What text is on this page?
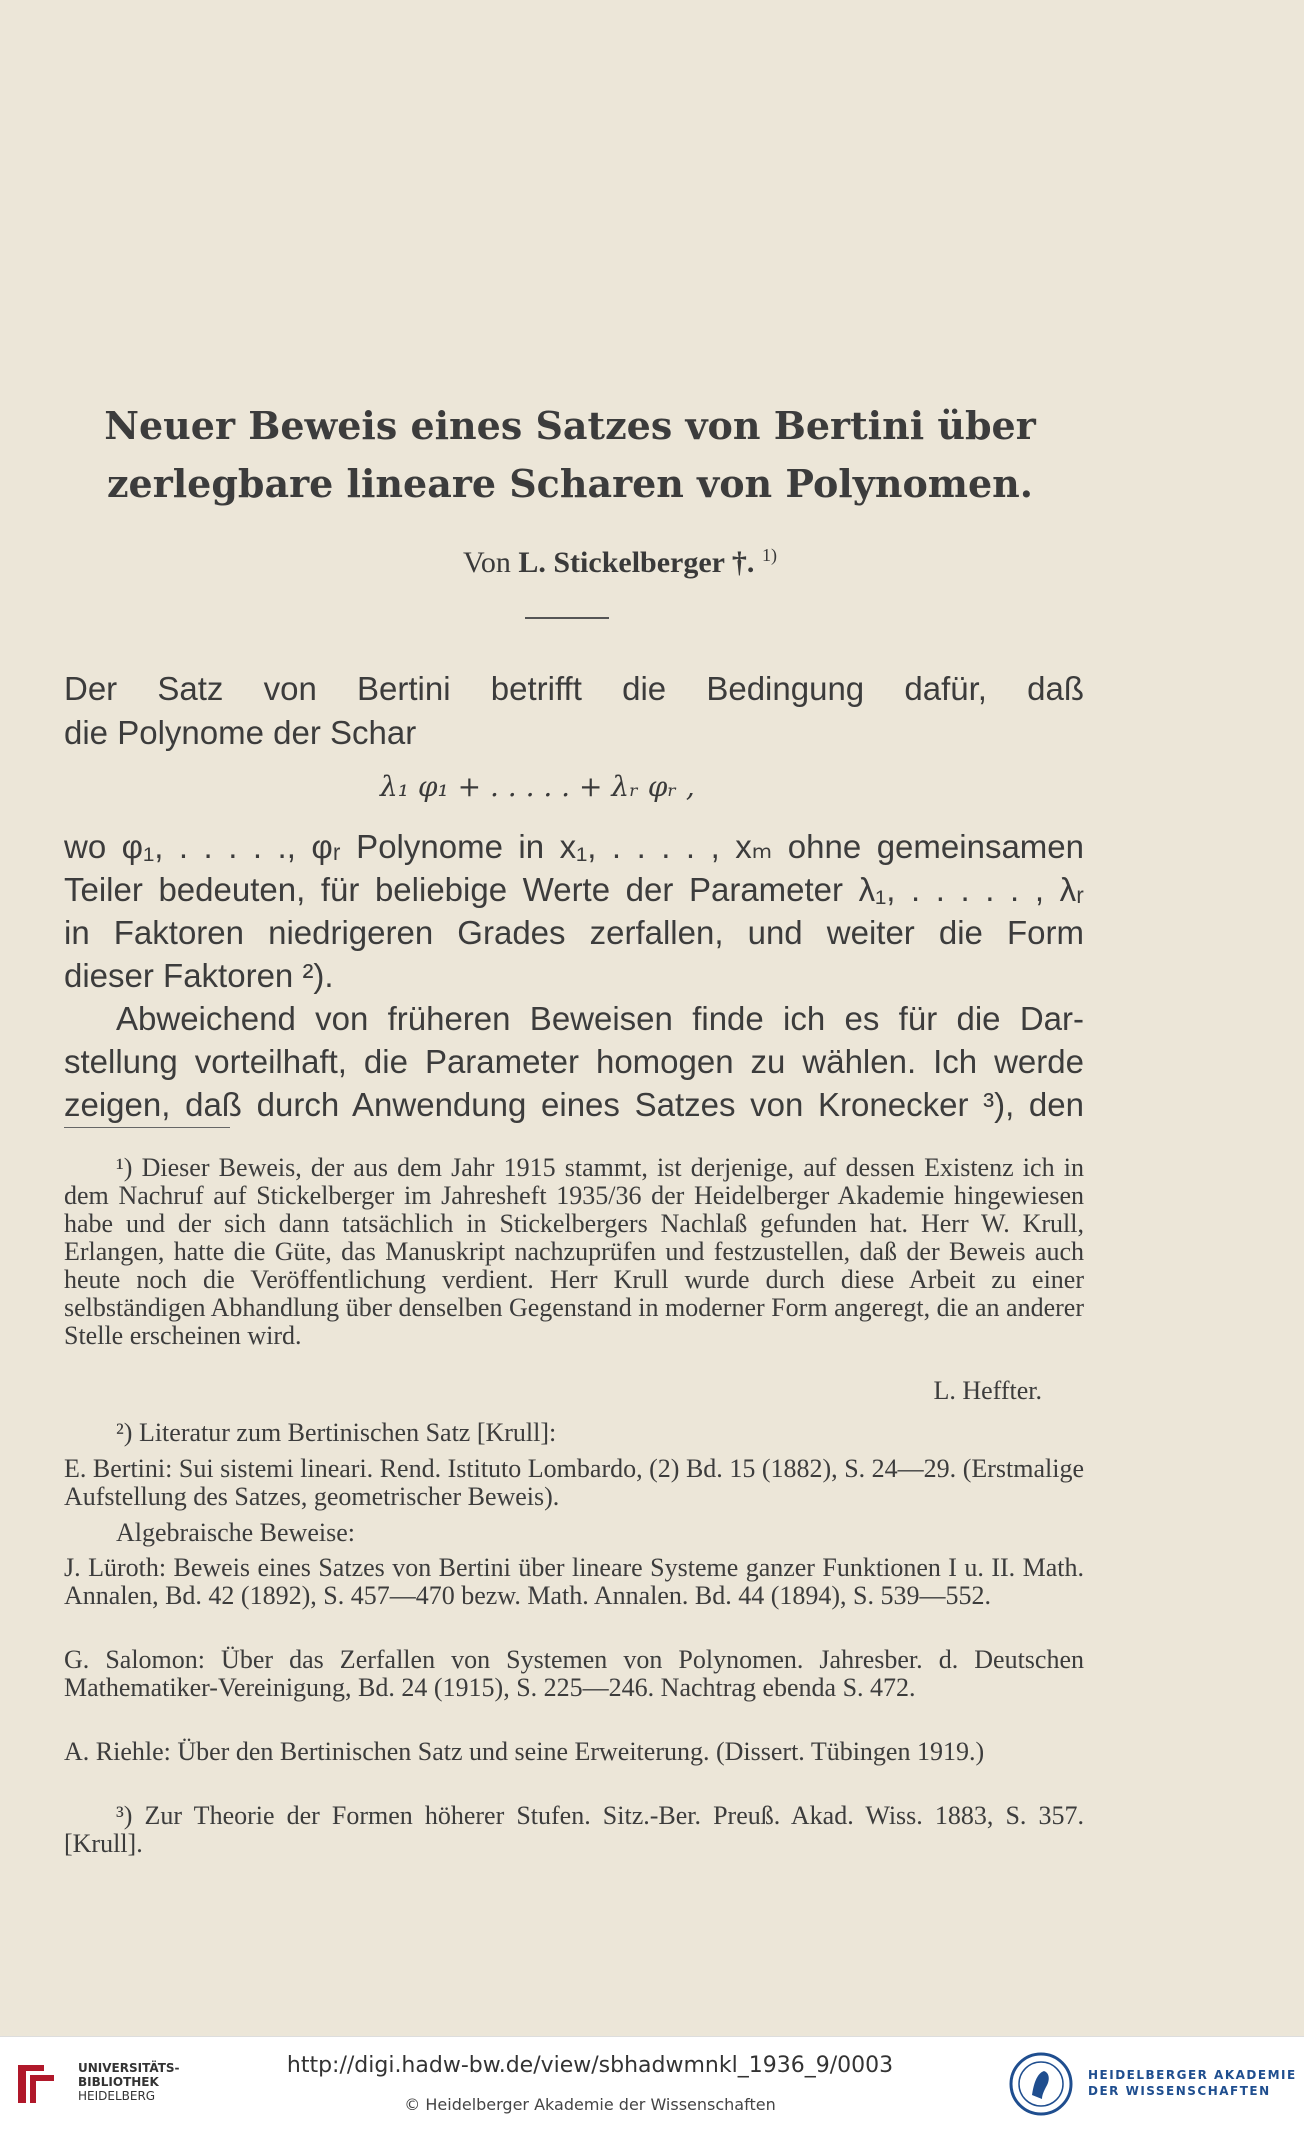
Neuer Beweis eines Satzes von Bertini über
zerlegbare lineare Scharen von Polynomen.
Von L. Stickelberger †. $^{1)}$
Der Satz von Bertini betrifft die Bedingung dafür, daß
die Polynome der Schar
λ₁ φ₁ + . . . . . + λᵣ φᵣ ,
wo φ₁, . . . . ., φᵣ Polynome in x₁, . . . . , xₘ ohne gemeinsamen
Teiler bedeuten, für beliebige Werte der Parameter λ₁, . . . . . , λᵣ
in Faktoren niedrigeren Grades zerfallen, und weiter die Form
dieser Faktoren ²).
Abweichend von früheren Beweisen finde ich es für die Dar-
stellung vorteilhaft, die Parameter homogen zu wählen. Ich werde
zeigen, daß durch Anwendung eines Satzes von Kronecker ³), den
¹) Dieser Beweis, der aus dem Jahr 1915 stammt, ist derjenige, auf dessen Existenz ich in dem Nachruf auf Stickelberger im Jahresheft 1935/36 der Heidelberger Akademie hingewiesen habe und der sich dann tatsächlich in Stickelbergers Nachlaß gefunden hat. Herr W. Krull, Erlangen, hatte die Güte, das Manuskript nachzuprüfen und festzustellen, daß der Beweis auch heute noch die Veröffentlichung verdient. Herr Krull wurde durch diese Arbeit zu einer selbständigen Abhandlung über denselben Gegenstand in moderner Form angeregt, die an anderer Stelle erscheinen wird.
L. Heffter.
²) Literatur zum Bertinischen Satz [Krull]:
E. Bertini: Sui sistemi lineari. Rend. Istituto Lombardo, (2) Bd. 15 (1882), S. 24—29. (Erstmalige Aufstellung des Satzes, geometrischer Beweis).
Algebraische Beweise:
J. Lüroth: Beweis eines Satzes von Bertini über lineare Systeme ganzer Funktionen I u. II. Math. Annalen, Bd. 42 (1892), S. 457—470 bezw. Math. Annalen. Bd. 44 (1894), S. 539—552.
G. Salomon: Über das Zerfallen von Systemen von Polynomen. Jahresber. d. Deutschen Mathematiker-Vereinigung, Bd. 24 (1915), S. 225—246. Nachtrag ebenda S. 472.
A. Riehle: Über den Bertinischen Satz und seine Erweiterung. (Dissert. Tübingen 1919.)
³) Zur Theorie der Formen höherer Stufen. Sitz.-Ber. Preuß. Akad. Wiss. 1883, S. 357. [Krull].
UNIVERSITÄTS-
BIBLIOTHEK
HEIDELBERG
http://digi.hadw-bw.de/view/sbhadwmnkl_1936_9/0003
© Heidelberger Akademie der Wissenschaften
HEIDELBERGER AKADEMIE
DER WISSENSCHAFTEN
